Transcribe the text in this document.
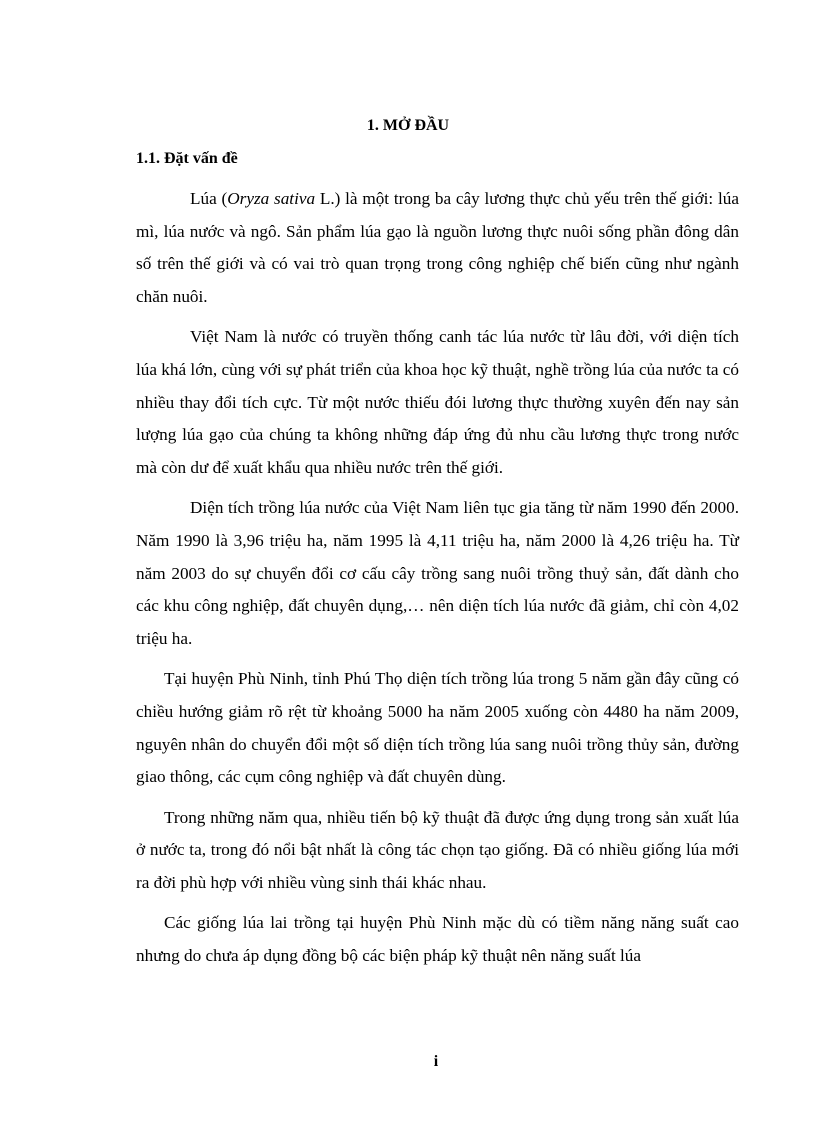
1. MỞ ĐẦU
1.1. Đặt vấn đề

Lúa (Oryza sativa L.) là một trong ba cây lương thực chủ yếu trên thế giới: lúa mì, lúa nước và ngô. Sản phẩm lúa gạo là nguồn lương thực nuôi sống phần đông dân số trên thế giới và có vai trò quan trọng trong công nghiệp chế biến cũng như ngành chăn nuôi.

Việt Nam là nước có truyền thống canh tác lúa nước từ lâu đời, với diện tích lúa khá lớn, cùng với sự phát triển của khoa học kỹ thuật, nghề trồng lúa của nước ta có nhiều thay đổi tích cực. Từ một nước thiếu đói lương thực thường xuyên đến nay sản lượng lúa gạo của chúng ta không những đáp ứng đủ nhu cầu lương thực trong nước mà còn dư để xuất khẩu qua nhiều nước trên thế giới.

Diện tích trồng lúa nước của Việt Nam liên tục gia tăng từ năm 1990 đến 2000. Năm 1990 là 3,96 triệu ha, năm 1995 là 4,11 triệu ha, năm 2000 là 4,26 triệu ha. Từ năm 2003 do sự chuyển đổi cơ cấu cây trồng sang nuôi trồng thuỷ sản, đất dành cho các khu công nghiệp, đất chuyên dụng,… nên diện tích lúa nước đã giảm, chỉ còn 4,02 triệu ha.

Tại huyện Phù Ninh, tỉnh Phú Thọ diện tích trồng lúa trong 5 năm gần đây cũng có chiều hướng giảm rõ rệt từ khoảng 5000 ha năm 2005 xuống còn 4480 ha năm 2009, nguyên nhân do chuyển đổi một số diện tích trồng lúa sang nuôi trồng thủy sản, đường giao thông, các cụm công nghiệp và đất chuyên dùng.

Trong những năm qua, nhiều tiến bộ kỹ thuật đã được ứng dụng trong sản xuất lúa ở nước ta, trong đó nổi bật nhất là công tác chọn tạo giống. Đã có nhiều giống lúa mới ra đời phù hợp với nhiều vùng sinh thái khác nhau.

Các giống lúa lai trồng tại huyện Phù Ninh mặc dù có tiềm năng năng suất cao nhưng do chưa áp dụng đồng bộ các biện pháp kỹ thuật nên năng suất lúa

i
